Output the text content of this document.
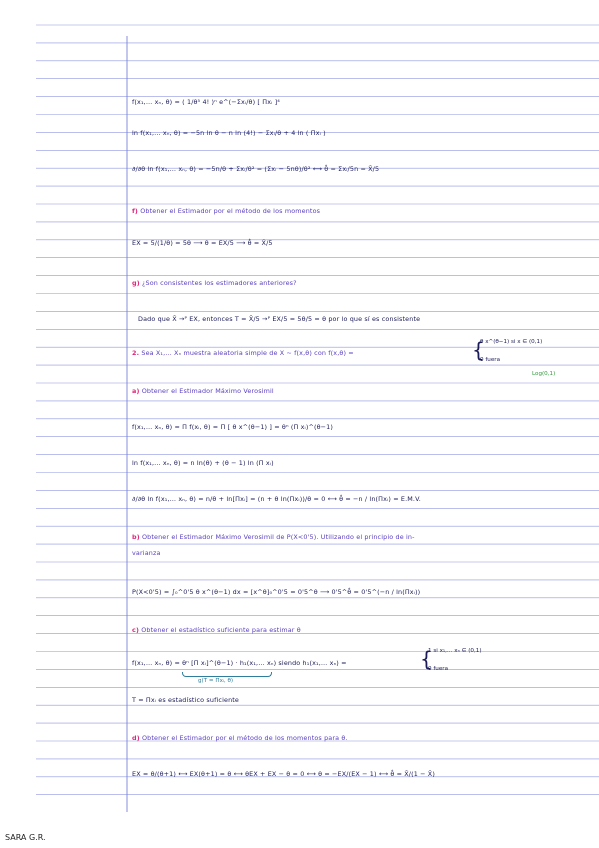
f(x₁,… xₙ, θ) = ( 1/θ⁵ 4! )ⁿ e^(−Σxᵢ/θ) [ Πxᵢ ]⁴
ln f(x₁,… xₙ, θ) = −5n ln θ − n ln (4!) − Σxᵢ/θ + 4 ln ( Πxᵢ )
∂/∂θ ln f(x₁,… xₙ, θ) = −5n/θ + Σxᵢ/θ² = (Σxᵢ − 5nθ)/θ² ⟷ θ̂ = Σxᵢ/5n = X̄/5
f) Obtener el Estimador por el método de los momentos
EX = 5/(1/θ) = 5θ ⟶ θ = EX/5 ⟶ θ̂ = X̄/5
g) ¿Son consistentes los estimadores anteriores?
Dado que X̄ →ᴾ EX, entonces T = X̄/5 →ᴾ EX/5 = 5θ/5 = θ por lo que sí es consistente
2. Sea X₁,… Xₙ muestra aleatoria simple de X ~ f(x,θ) con f(x,θ) =	{
θ x^(θ−1) si x ∈ (0,1)
0 fuera
Log(0,1)
a) Obtener el Estimador Máximo Verosimil
f(x₁,… xₙ, θ) = Π f(xᵢ, θ) = Π [ θ x^(θ−1) ] = θⁿ (Π xᵢ)^(θ−1)
ln f(x₁,… xₙ, θ) = n ln(θ) + (θ − 1) ln (Π xᵢ)
∂/∂θ ln f(x₁,… xₙ, θ) = n/θ + ln[Πxᵢ] = (n + θ ln(Πxᵢ))/θ = 0 ⟷ θ̂ = −n / ln(Πxᵢ) = E.M.V.
b) Obtener el Estimador Máximo Verosimil de P(X<0'5). Utilizando el principio de in-
varianza
P(X<0'5) = ∫₀^0'5 θ x^(θ−1) dx = [x^θ]₀^0'5 = 0'5^θ ⟶ 0'5^θ̂ = 0'5^(−n / ln(Πxᵢ))
c) Obtener el estadístico suficiente para estimar θ
f(x₁,… xₙ, θ) = θⁿ [Π xᵢ]^(θ−1) · h₁(x₁,… xₙ) siendo h₁(x₁,… xₙ) =	{
1 si x₁,… xₙ ∈ (0,1)
0 fuera
g(T = Πxᵢ, θ)
T = Πxᵢ es estadístico suficiente
d) Obtener el Estimador por el método de los momentos para θ.
EX = θ/(θ+1) ⟷ EX(θ+1) = θ ⟷ θEX + EX − θ = 0 ⟷ θ = −EX/(EX − 1) ⟷ θ̂ = X̄/(1 − X̄)
SARA G.R.
